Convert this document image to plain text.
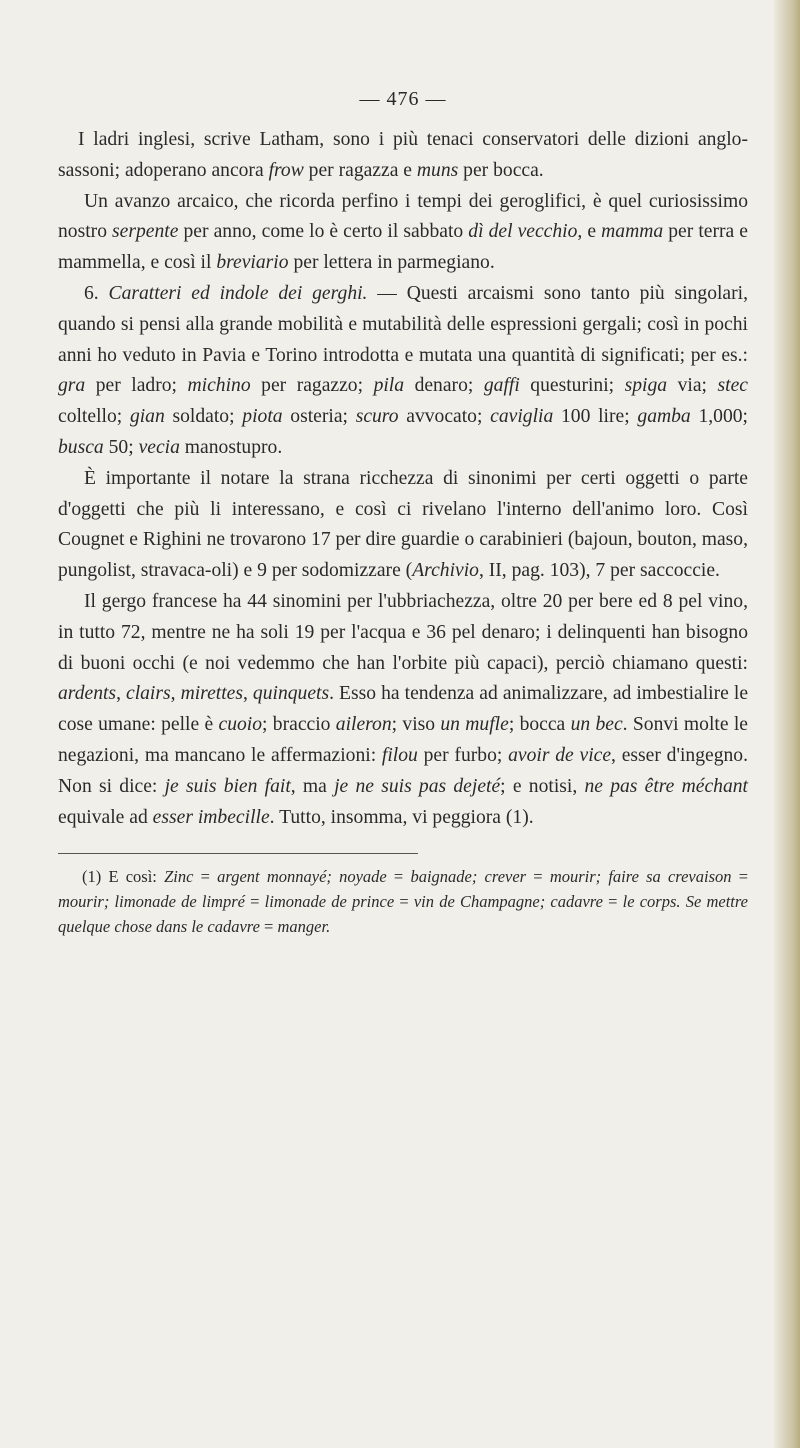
— 476 —

I ladri inglesi, scrive Latham, sono i più tenaci conservatori delle dizioni anglo-sassoni; adoperano ancora frow per ragazza e muns per bocca.

Un avanzo arcaico, che ricorda perfino i tempi dei geroglifici, è quel curiosissimo nostro serpente per anno, come lo è certo il sabbato dì del vecchio, e mamma per terra e mammella, e così il breviario per lettera in parmegiano.

6. Caratteri ed indole dei gerghi. — Questi arcaismi sono tanto più singolari, quando si pensi alla grande mobilità e mutabilità delle espressioni gergali; così in pochi anni ho veduto in Pavia e Torino introdotta e mutata una quantità di significati; per es.: gra per ladro; michino per ragazzo; pila denaro; gaffi questurini; spiga via; stec coltello; gian soldato; piota osteria; scuro avvocato; caviglia 100 lire; gamba 1,000; busca 50; vecia manostupro.

È importante il notare la strana ricchezza di sinonimi per certi oggetti o parte d'oggetti che più li interessano, e così ci rivelano l'interno dell'animo loro. Così Cougnet e Righini ne trovarono 17 per dire guardie o carabinieri (bajoun, bouton, maso, pungolist, stravaca-oli) e 9 per sodomizzare (Archivio, II, pag. 103), 7 per saccoccie.

Il gergo francese ha 44 sinomini per l'ubbriachezza, oltre 20 per bere ed 8 pel vino, in tutto 72, mentre ne ha soli 19 per l'acqua e 36 pel denaro; i delinquenti han bisogno di buoni occhi (e noi vedemmo che han l'orbite più capaci), perciò chiamano questi: ardents, clairs, mirettes, quinquets. Esso ha tendenza ad animalizzare, ad imbestialire le cose umane: pelle è cuoio; braccio aileron; viso un mufle; bocca un bec. Sonvi molte le negazioni, ma mancano le affermazioni: filou per furbo; avoir de vice, esser d'ingegno. Non si dice: je suis bien fait, ma je ne suis pas dejeté; e notisi, ne pas être méchant equivale ad esser imbecille. Tutto, insomma, vi peggiora (1).

(1) E così: Zinc = argent monnayé; noyade = baignade; crever = mourir; faire sa crevaison = mourir; limonade de limpré = limonade de prince = vin de Champagne; cadavre = le corps. Se mettre quelque chose dans le cadavre = manger.
